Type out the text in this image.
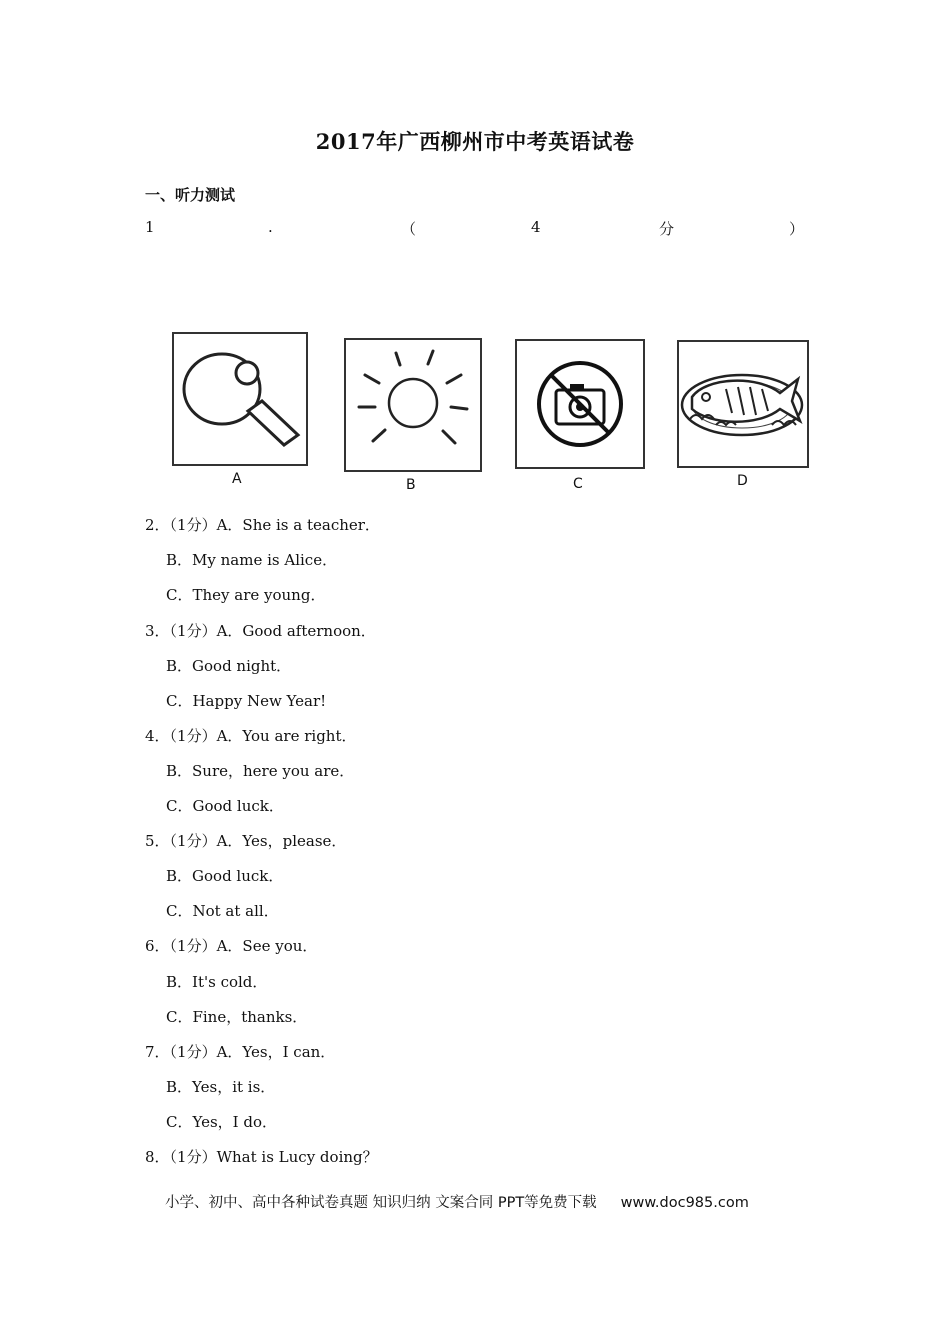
2017年广西柳州市中考英语试卷
一、听力测试
1	.	（	4	分	）
A	B	C	D
2．（1分）A．She is a teacher．
B．My name is Alice．
C．They are young．
3．（1分）A．Good afternoon．
B．Good night．
C．Happy New Year!
4．（1分）A．You are right．
B．Sure，here you are．
C．Good luck．
5．（1分）A．Yes，please．
B．Good luck．
C．Not at all．
6．（1分）A．See you．
B．It's cold．
C．Fine，thanks．
7．（1分）A．Yes，I can．
B．Yes，it is．
C．Yes，I do．
8．（1分）What is Lucy doing？
小学、初中、高中各种试卷真题 知识归纳 文案合同 PPT等免费下载 www.doc985.com
